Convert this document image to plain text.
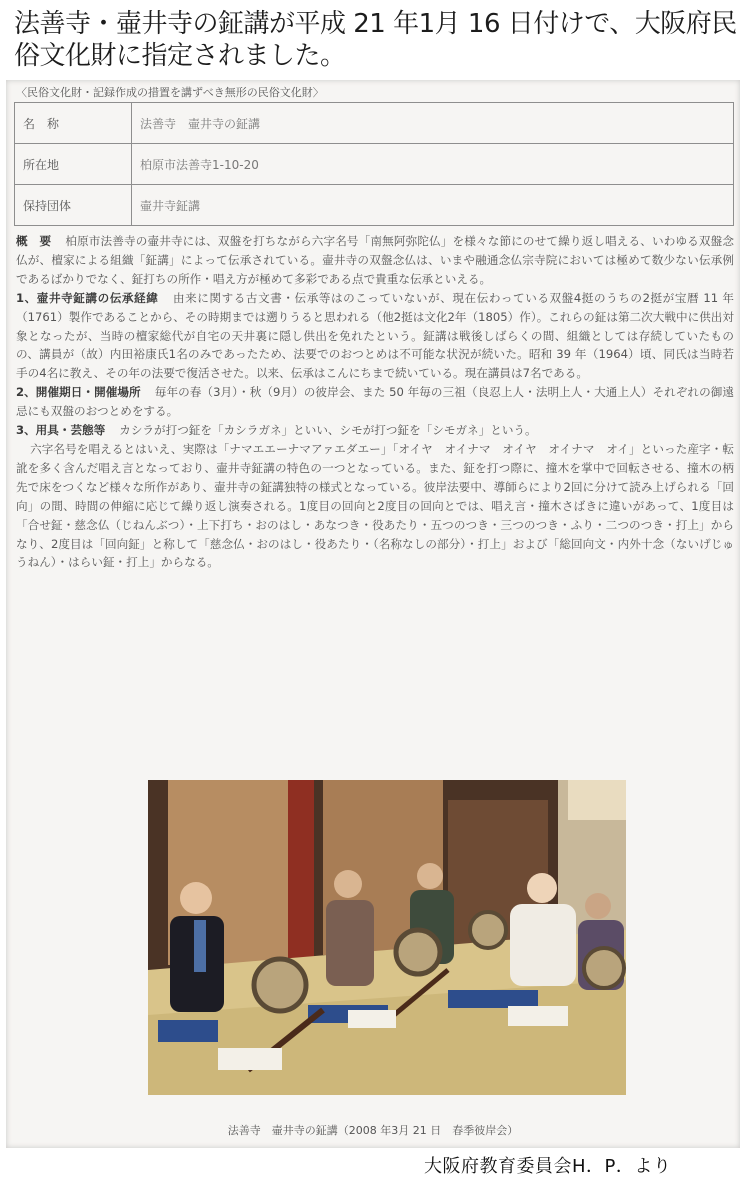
法善寺・壷井寺の鉦講が平成 21 年1月 16 日付けで、大阪府民俗文化財に指定されました。
〈民俗文化財・記録作成の措置を講ずべき無形の民俗文化財〉
名　称	法善寺　壷井寺の鉦講
所在地	柏原市法善寺1-10-20
保持団体	壷井寺鉦講

概　要 柏原市法善寺の壷井寺には、双盤を打ちながら六字名号「南無阿弥陀仏」を様々な節にのせて繰り返し唱える、いわゆる双盤念仏が、檀家による組織「鉦講」によって伝承されている。壷井寺の双盤念仏は、いまや融通念仏宗寺院においては極めて数少ない伝承例であるばかりでなく、鉦打ちの所作・唱え方が極めて多彩である点で貴重な伝承といえる。

1、壷井寺鉦講の伝承経緯 由来に関する古文書・伝承等はのこっていないが、現在伝わっている双盤4挺のうちの2挺が宝暦 11 年（1761）製作であることから、その時期までは遡りうると思われる（他2挺は文化2年（1805）作）。これらの鉦は第二次大戦中に供出対象となったが、当時の檀家総代が自宅の天井裏に隠し供出を免れたという。鉦講は戦後しばらくの間、組織としては存続していたものの、講員が（故）内田裕康氏1名のみであったため、法要でのおつとめは不可能な状況が続いた。昭和 39 年（1964）頃、同氏は当時若手の4名に教え、その年の法要で復活させた。以来、伝承はこんにちまで続いている。現在講員は7名である。

2、開催期日・開催場所 毎年の春（3月）・秋（9月）の彼岸会、また 50 年毎の三祖（良忍上人・法明上人・大通上人）それぞれの御遠忌にも双盤のおつとめをする。

3、用具・芸態等 カシラが打つ鉦を「カシラガネ」といい、シモが打つ鉦を「シモガネ」という。

六字名号を唱えるとはいえ、実際は「ナマエエーナマアァエダエー」「オイヤ　オイナマ　オイヤ　オイナマ　オイ」といった産字・転訛を多く含んだ唱え言となっており、壷井寺鉦講の特色の一つとなっている。また、鉦を打つ際に、撞木を掌中で回転させる、撞木の柄先で床をつくなど様々な所作があり、壷井寺の鉦講独特の様式となっている。彼岸法要中、導師らにより2回に分けて読み上げられる「回向」の間、時間の伸縮に応じて繰り返し演奏される。1度目の回向と2度目の回向とでは、唱え言・撞木さばきに違いがあって、1度目は「合せ鉦・慈念仏（じねんぶつ）・上下打ち・おのはし・あなつき・役あたり・五つのつき・三つのつき・ふり・二つのつき・打上」からなり、2度目は「回向鉦」と称して「慈念仏・おのはし・役あたり・（名称なしの部分）・打上」および「総回向文・内外十念（ないげじゅうねん）・はらい鉦・打上」からなる。

法善寺　壷井寺の鉦講（2008 年3月 21 日　春季彼岸会）
大阪府教育委員会H．P．より
